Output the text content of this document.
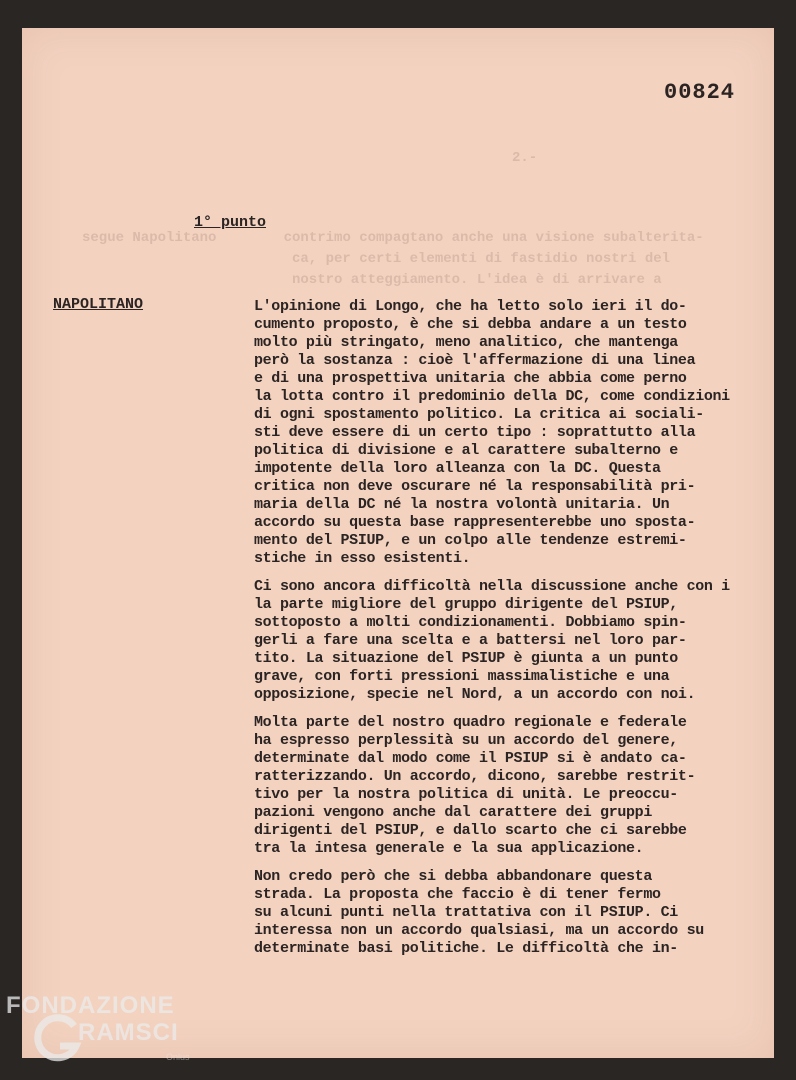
2.-
segue Napolitano        contrimo compagtano anche una visione subalterita-
ca, per certi elementi di fastidio nostri del
nostro atteggiamento. L'idea è di arrivare a
00824
1° punto
NAPOLITANO	L'opinione di Longo, che ha letto solo ieri il do-
cumento proposto, è che si debba andare a un testo
molto più stringato, meno analitico, che mantenga
però la sostanza : cioè l'affermazione di una linea
e di una prospettiva unitaria che abbia come perno
la lotta contro il predominio della DC, come condizioni
di ogni spostamento politico. La critica ai sociali-
sti deve essere di un certo tipo : soprattutto alla
politica di divisione e al carattere subalterno e
impotente della loro alleanza con la DC. Questa
critica non deve oscurare né la responsabilità pri-
maria della DC né la nostra volontà unitaria. Un
accordo su questa base rappresenterebbe uno sposta-
mento del PSIUP, e un colpo alle tendenze estremi-
stiche in esso esistenti.
Ci sono ancora difficoltà nella discussione anche con i
la parte migliore del gruppo dirigente del PSIUP,
sottoposto a molti condizionamenti. Dobbiamo spin-
gerli a fare una scelta e a battersi nel loro par-
tito. La situazione del PSIUP è giunta a un punto
grave, con forti pressioni massimalistiche e una
opposizione, specie nel Nord, a un accordo con noi.
Molta parte del nostro quadro regionale e federale
ha espresso perplessità su un accordo del genere,
determinate dal modo come il PSIUP si è andato ca-
ratterizzando. Un accordo, dicono, sarebbe restrit-
tivo per la nostra politica di unità. Le preoccu-
pazioni vengono anche dal carattere dei gruppi
dirigenti del PSIUP, e dallo scarto che ci sarebbe
tra la intesa generale e la sua applicazione.
Non credo però che si debba abbandonare questa
strada. La proposta che faccio è di tener fermo
su alcuni punti nella trattativa con il PSIUP. Ci
interessa non un accordo qualsiasi, ma un accordo su
determinate basi politiche. Le difficoltà che in-
FONDAZIONE
RAMSCI
Onlus
